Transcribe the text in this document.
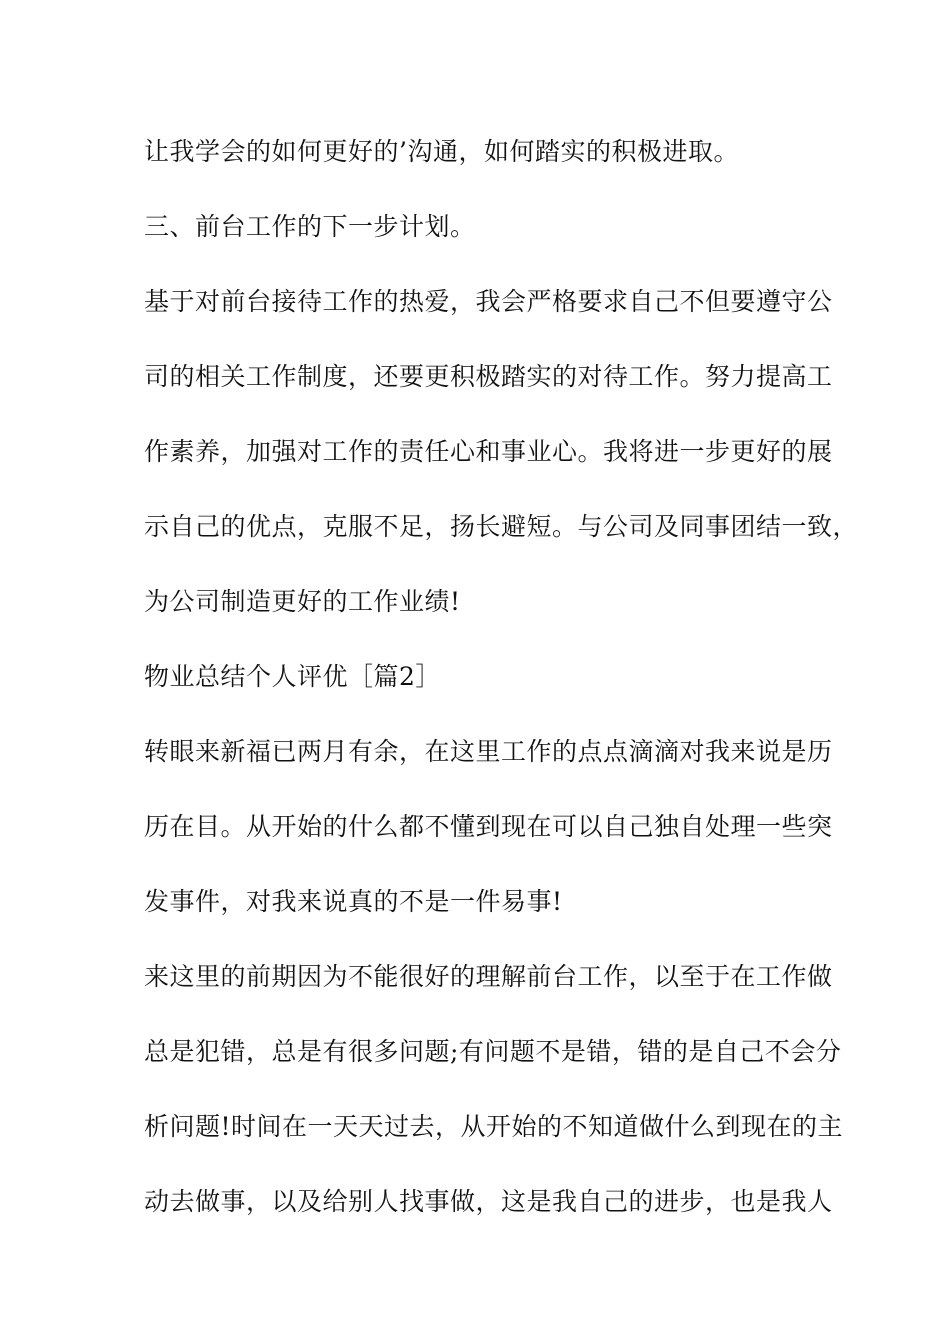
让我学会的如何更好的’沟通，如何踏实的积极进取。
三、前台工作的下一步计划。
基于对前台接待工作的热爱，我会严格要求自己不但要遵守公
司的相关工作制度，还要更积极踏实的对待工作。努力提高工
作素养，加强对工作的责任心和事业心。我将进一步更好的展
示自己的优点，克服不足，扬长避短。与公司及同事团结一致，
为公司制造更好的工作业绩!
物业总结个人评优［篇2］
转眼来新福已两月有余，在这里工作的点点滴滴对我来说是历
历在目。从开始的什么都不懂到现在可以自己独自处理一些突
发事件，对我来说真的不是一件易事!
来这里的前期因为不能很好的理解前台工作，以至于在工作做
总是犯错，总是有很多问题;有问题不是错，错的是自己不会分
析问题!时间在一天天过去，从开始的不知道做什么到现在的主
动去做事，以及给别人找事做，这是我自己的进步，也是我人
